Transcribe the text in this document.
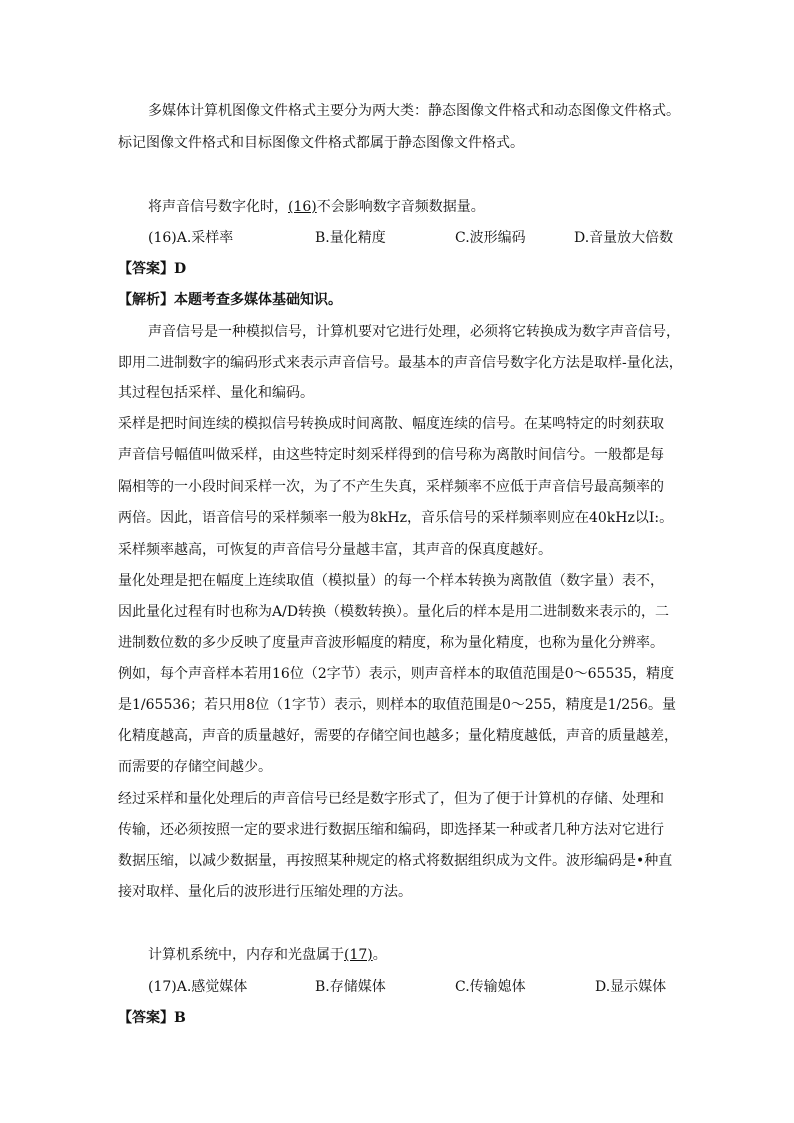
多媒体计算机图像文件格式主要分为两大类：静态图像文件格式和动态图像文件格式。
标记图像文件格式和目标图像文件格式都属于静态图像文件格式。
将声音信号数字化时，(16)不会影响数字音频数据量。
(16)A.采样率	B.量化精度	C.波形编码	D.音量放大倍数
【答案】D
【解析】本题考查多媒体基础知识。
声音信号是一种模拟信号，计算机要对它进行处理，必须将它转换成为数字声音信号，
即用二进制数字的编码形式来表示声音信号。最基本的声音信号数字化方法是取样-量化法，
其过程包括采样、量化和编码。
采样是把时间连续的模拟信号转换成时间离散、幅度连续的信号。在某鸣特定的时刻获取
声音信号幅值叫做采样，由这些特定时刻采样得到的信号称为离散时间信兮。一般都是每
隔相等的一小段时间采样一次，为了不产生失真，采样频率不应低于声音信号最高频率的
两倍。因此，语音信号的采样频率一般为8kHz，音乐信号的采样频率则应在40kHz以I:。
采样频率越高，可恢复的声音信号分量越丰富，其声音的保真度越好。
量化处理是把在幅度上连续取值（模拟量）的每一个样本转换为离散值（数字量）表不，
因此量化过程有时也称为A/D转换（模数转换）。量化后的样本是用二进制数来表示的，二
进制数位数的多少反映了度量声音波形幅度的精度，称为量化精度，也称为量化分辨率。
例如，每个声音样本若用16位（2字节）表示，则声音样本的取值范围是0～65535，精度
是1/65536；若只用8位（1字节）表示，则样本的取值范围是0～255，精度是1/256。量
化精度越高，声音的质量越好，需要的存储空间也越多；量化精度越低，声音的质量越差，
而需要的存储空间越少。
经过采样和量化处理后的声音信号已经是数字形式了，但为了便于计算机的存储、处理和
传输，还必须按照一定的要求进行数据压缩和编码，即选择某一种或者几种方法对它进行
数据压缩，以减少数据量，再按照某种规定的格式将数据组织成为文件。波形编码是•种直
接对取样、量化后的波形进行压缩处理的方法。
计算机系统中，内存和光盘属于(17)。
(17)A.感觉媒体	B.存储媒体	C.传输媳体	D.显示媒体
【答案】B
